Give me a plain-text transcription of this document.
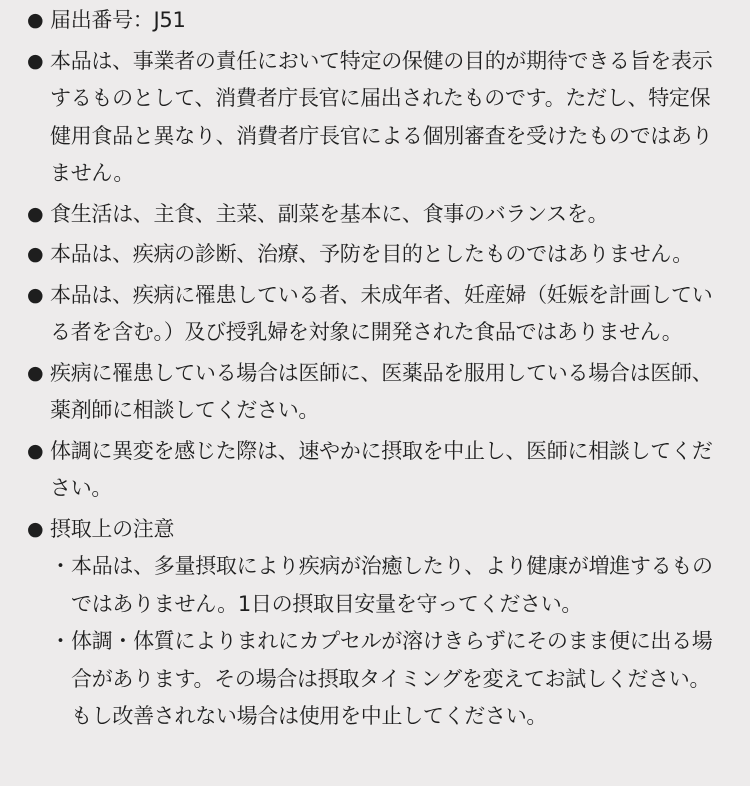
● 届出番号：J51
● 本品は、事業者の責任において特定の保健の目的が期待できる旨を表示するものとして、消費者庁長官に届出されたものです。ただし、特定保健用食品と異なり、消費者庁長官による個別審査を受けたものではありません。
● 食生活は、主食、主菜、副菜を基本に、食事のバランスを。
● 本品は、疾病の診断、治療、予防を目的としたものではありません。
● 本品は、疾病に罹患している者、未成年者、妊産婦（妊娠を計画している者を含む。）及び授乳婦を対象に開発された食品ではありません。
● 疾病に罹患している場合は医師に、医薬品を服用している場合は医師、薬剤師に相談してください。
● 体調に異変を感じた際は、速やかに摂取を中止し、医師に相談してください。
● 摂取上の注意
・ 本品は、多量摂取により疾病が治癒したり、より健康が増進するものではありません。1日の摂取目安量を守ってください。
・ 体調・体質によりまれにカプセルが溶けきらずにそのまま便に出る場合があります。その場合は摂取タイミングを変えてお試しください。もし改善されない場合は使用を中止してください。
